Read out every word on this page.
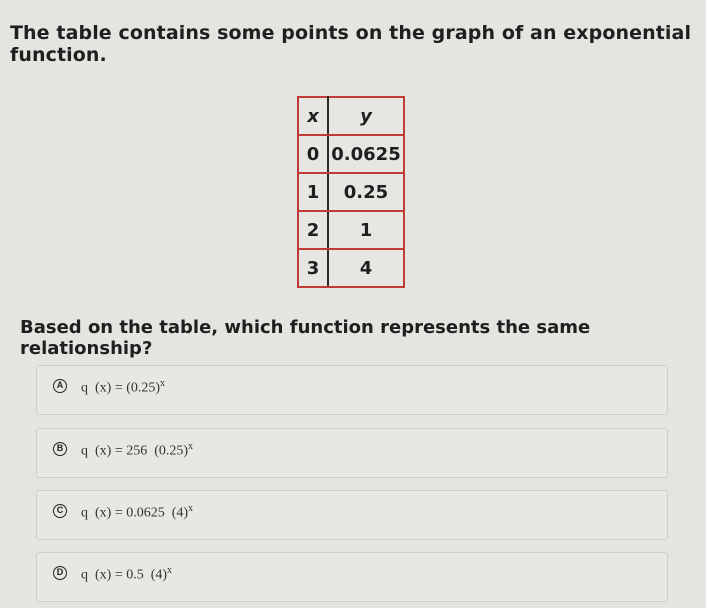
The table contains some points on the graph of an exponential function.
x	y
0	0.0625
1	0.25
2	1
3	4
Based on the table, which function represents the same relationship?
A q  $(x) = (0.25)^x$
B q  (x) = 256  $(0.25)^x$
C q  (x) = 0.0625  $(4)^x$
D q  (x) = 0.5  $(4)^x$
